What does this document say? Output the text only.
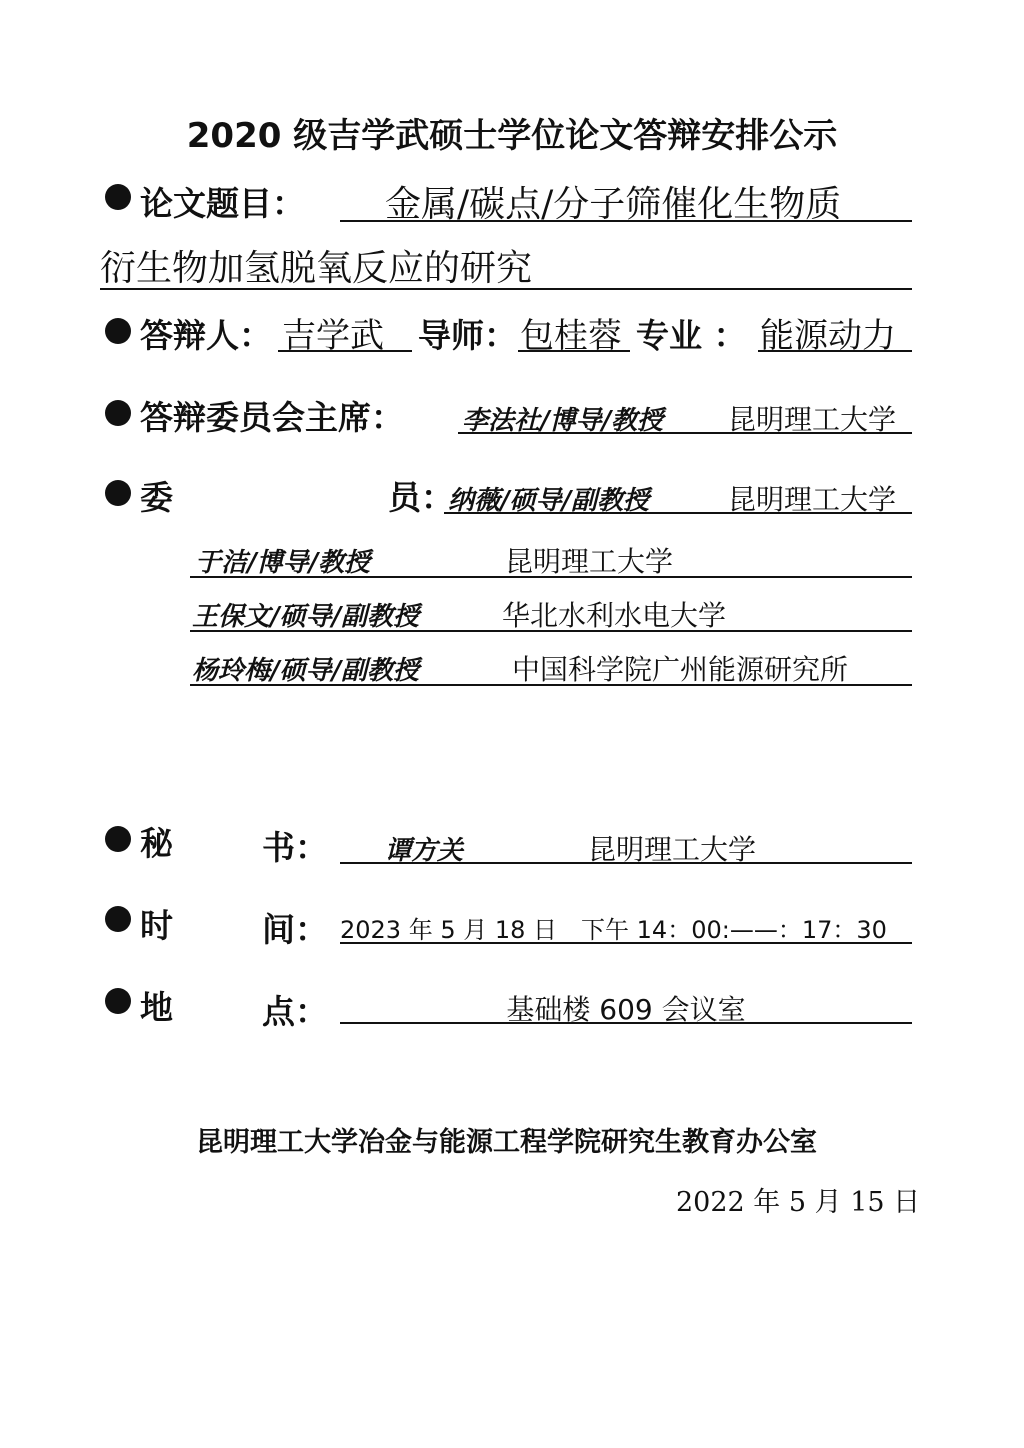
2020 级吉学武硕士学位论文答辩安排公示
论文题目： 金属/碳点/分子筛催化生物质
衍生物加氢脱氧反应的研究
答辩人： 吉学武 导师： 包桂蓉 专业 ： 能源动力
答辩委员会主席： 李法社/博导/教授 昆明理工大学
委	员：
纳薇/硕导/副教授	昆明理工大学
于洁/博导/教授	昆明理工大学
王保文/硕导/副教授	华北水利水电大学
杨玲梅/硕导/副教授	中国科学院广州能源研究所
秘	书： 谭方关	昆明理工大学
时	间： 2023 年 5 月 18 日　下午 14：00:——：17：30
地	点：	基础楼 609 会议室
昆明理工大学冶金与能源工程学院研究生教育办公室
2022 年 5 月 15 日
